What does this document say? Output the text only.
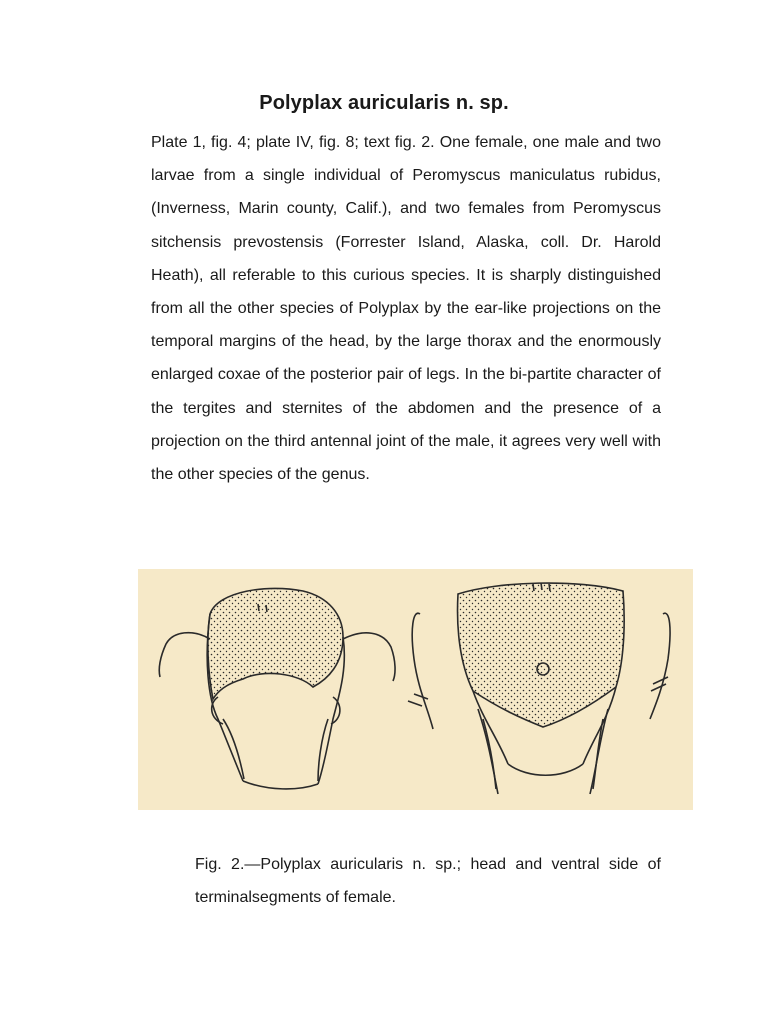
Polyplax auricularis n. sp.

Plate 1, fig. 4; plate IV, fig. 8; text fig. 2. One female, one male and two larvae from a single individual of Peromyscus maniculatus rubidus, (Inverness, Marin county, Calif.), and two females from Peromyscus sitchensis prevostensis (Forrester Island, Alaska, coll. Dr. Harold Heath), all referable to this curious species. It is sharply distinguished from all the other species of Polyplax by the ear-like projections on the temporal margins of the head, by the large thorax and the enormously enlarged coxae of the posterior pair of legs. In the bi-partite character of the tergites and sternites of the abdomen and the presence of a projection on the third antennal joint of the male, it agrees very well with the other species of the genus.

Fig. 2.—Polyplax auricularis n. sp.; head and ventral side of terminalsegments of female.
